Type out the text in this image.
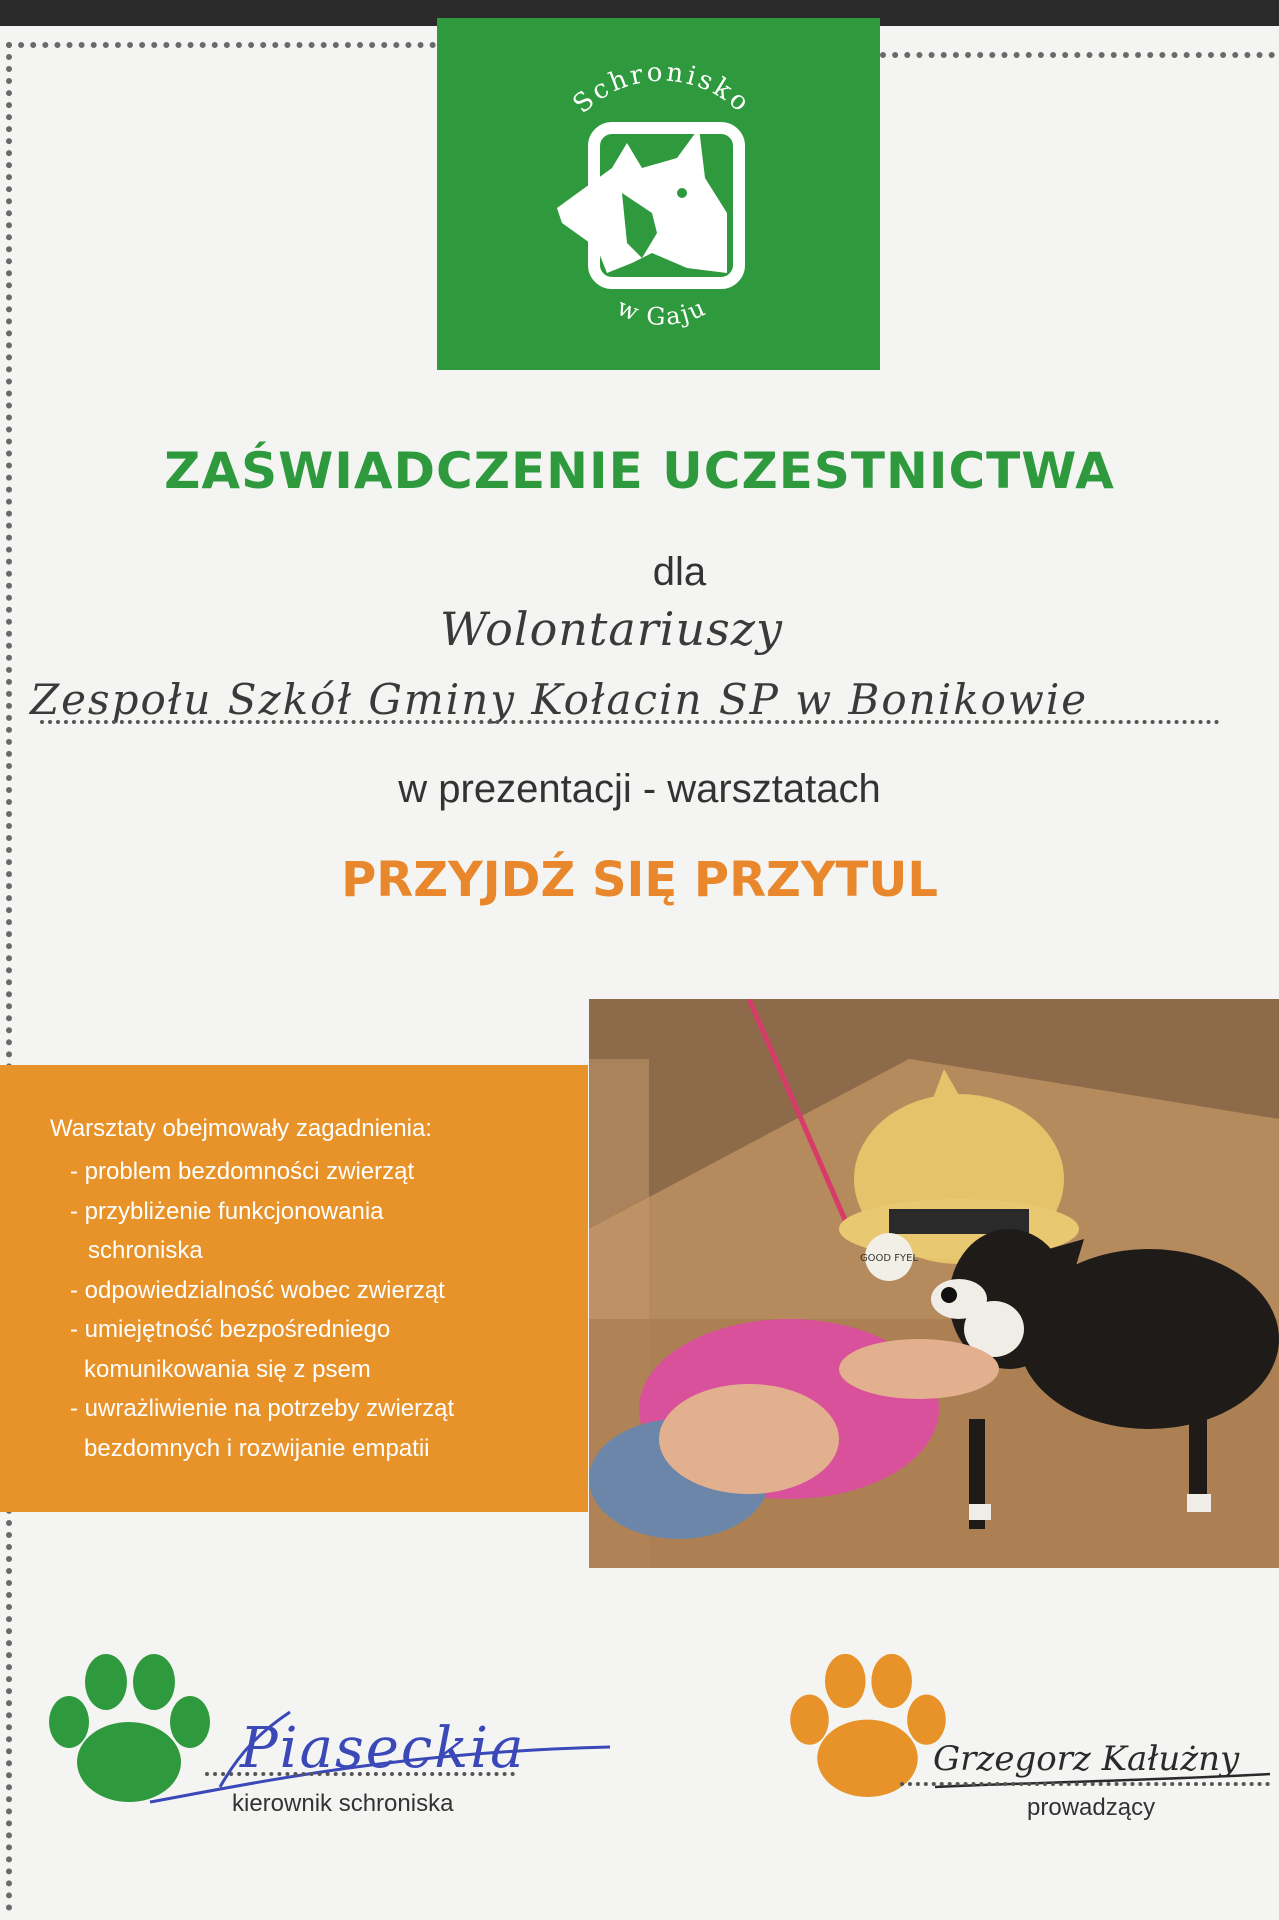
Schronisko
w Gaju
ZAŚWIADCZENIE UCZESTNICTWA
dla
Wolontariuszy
Zespołu Szkół Gminy Kołacin SP w Bonikowie
w prezentacji - warsztatach
PRZYJDŹ SIĘ PRZYTUL
Warsztaty obejmowały zagadnienia:
- problem bezdomności zwierząt
- przybliżenie funkcjonowania
schroniska
- odpowiedzialność wobec zwierząt
- umiejętność bezpośredniego
komunikowania się z psem
- uwrażliwienie na potrzeby zwierząt
bezdomnych i rozwijanie empatii
GOOD FYEL
Piaseckia
kierownik schroniska
Grzegorz Kałużny
prowadzący
